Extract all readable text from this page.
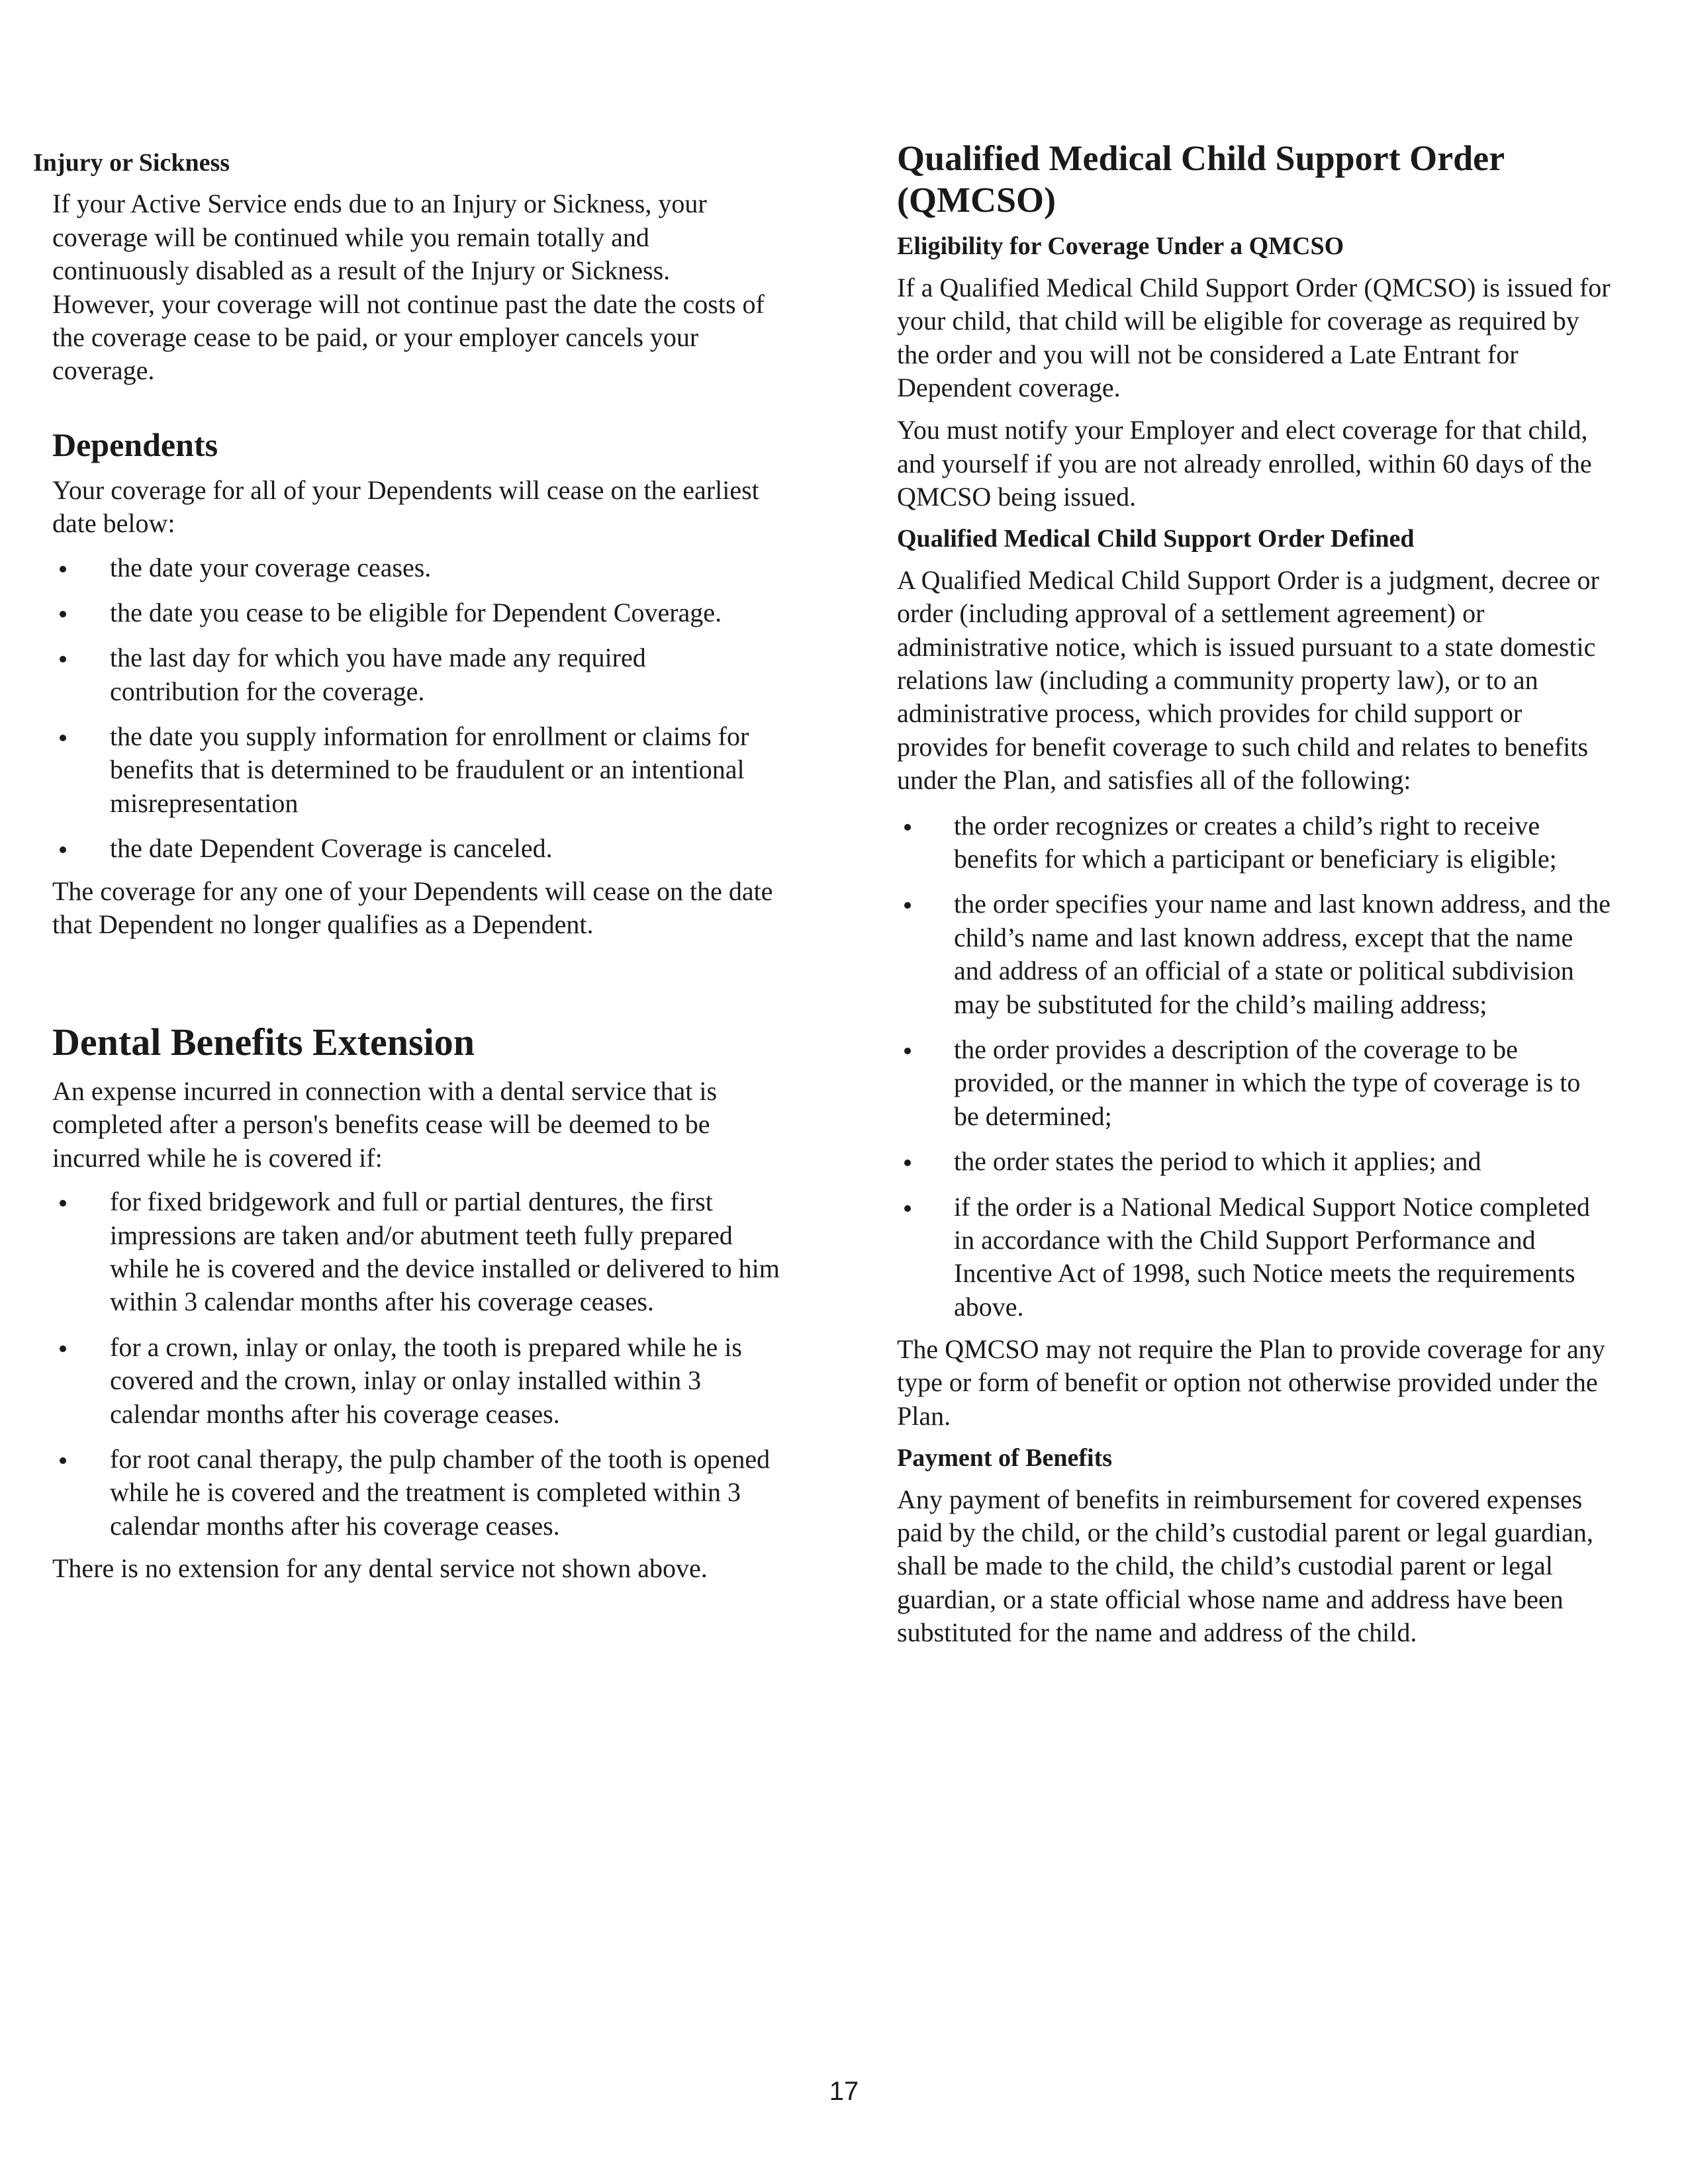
Injury or Sickness

If your Active Service ends due to an Injury or Sickness, your coverage will be continued while you remain totally and continuously disabled as a result of the Injury or Sickness.

However, your coverage will not continue past the date the costs of the coverage cease to be paid, or your employer cancels your coverage.

Dependents

Your coverage for all of your Dependents will cease on the earliest date below:

the date your coverage ceases.
the date you cease to be eligible for Dependent Coverage.
the last day for which you have made any required contribution for the coverage.
the date you supply information for enrollment or claims for benefits that is determined to be fraudulent or an intentional misrepresentation
the date Dependent Coverage is canceled.

The coverage for any one of your Dependents will cease on the date that Dependent no longer qualifies as a Dependent.

Dental Benefits Extension

An expense incurred in connection with a dental service that is completed after a person's benefits cease will be deemed to be incurred while he is covered if:

for fixed bridgework and full or partial dentures, the first impressions are taken and/or abutment teeth fully prepared while he is covered and the device installed or delivered to him within 3 calendar months after his coverage ceases.
for a crown, inlay or onlay, the tooth is prepared while he is covered and the crown, inlay or onlay installed within 3 calendar months after his coverage ceases.
for root canal therapy, the pulp chamber of the tooth is opened while he is covered and the treatment is completed within 3 calendar months after his coverage ceases.

There is no extension for any dental service not shown above.

Qualified Medical Child Support Order (QMCSO)
Eligibility for Coverage Under a QMCSO

If a Qualified Medical Child Support Order (QMCSO) is issued for your child, that child will be eligible for coverage as required by the order and you will not be considered a Late Entrant for Dependent coverage.

You must notify your Employer and elect coverage for that child, and yourself if you are not already enrolled, within 60 days of the QMCSO being issued.

Qualified Medical Child Support Order Defined

A Qualified Medical Child Support Order is a judgment, decree or order (including approval of a settlement agreement) or administrative notice, which is issued pursuant to a state domestic relations law (including a community property law), or to an administrative process, which provides for child support or provides for benefit coverage to such child and relates to benefits under the Plan, and satisfies all of the following:

the order recognizes or creates a child’s right to receive benefits for which a participant or beneficiary is eligible;
the order specifies your name and last known address, and the child’s name and last known address, except that the name and address of an official of a state or political subdivision may be substituted for the child’s mailing address;
the order provides a description of the coverage to be provided, or the manner in which the type of coverage is to be determined;
the order states the period to which it applies; and
if the order is a National Medical Support Notice completed in accordance with the Child Support Performance and Incentive Act of 1998, such Notice meets the requirements above.

The QMCSO may not require the Plan to provide coverage for any type or form of benefit or option not otherwise provided under the Plan.

Payment of Benefits

Any payment of benefits in reimbursement for covered expenses paid by the child, or the child’s custodial parent or legal guardian, shall be made to the child, the child’s custodial parent or legal guardian, or a state official whose name and address have been substituted for the name and address of the child.

17
